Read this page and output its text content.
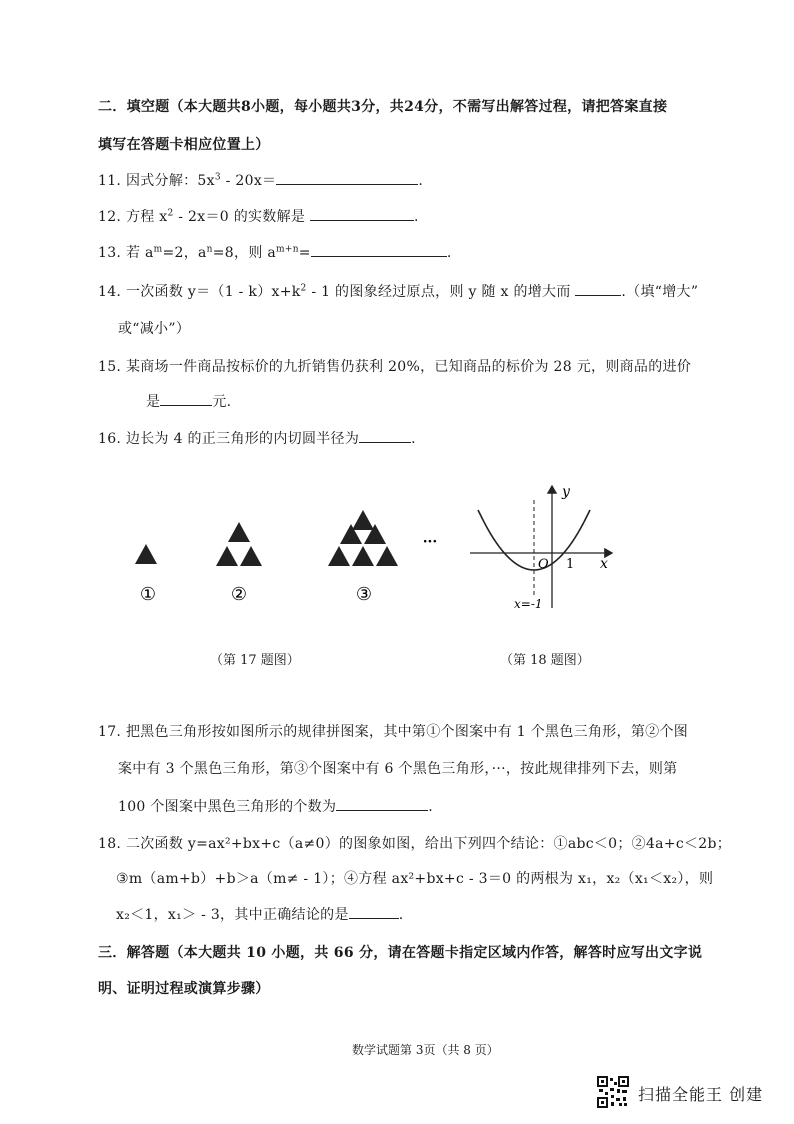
二．填空题（本大题共8小题，每小题共3分，共24分，不需写出解答过程，请把答案直接
填写在答题卡相应位置上）
11. 因式分解：$5x^3 - 20x=$	.
12. 方程 $x^2 - 2x=0$ 的实数解是	.
13. 若 $a^m=2$，$a^n=8$，则 $a^{m+n}=$	.
14. 一次函数 $y=(1 - k)x+k^2 - 1$ 的图象经过原点，则 y 随 x 的增大而	.（填“增大”
或“减小”）
15. 某商场一件商品按标价的九折销售仍获利 20%，已知商品的标价为 28 元，则商品的进价
是	元.
16. 边长为 4 的正三角形的内切圆半径为	.
①	②	③
···
（第 17 题图）
y
x
O 1
x=-1
（第 18 题图）
17. 把黑色三角形按如图所示的规律拼图案，其中第①个图案中有 1 个黑色三角形，第②个图
案中有 3 个黑色三角形，第③个图案中有 6 个黑色三角形，···，按此规律排列下去，则第
100 个图案中黑色三角形的个数为	.
18. 二次函数 y=ax²+bx+c（a≠0）的图象如图，给出下列四个结论：①abc＜0；②4a+c＜2b；
③m（am+b）+b＞a（m≠ - 1）；④方程 ax²+bx+c - 3＝0 的两根为 x₁，x₂（x₁＜x₂），则
x₂＜1，x₁＞ - 3，其中正确结论的是	.
三．解答题（本大题共 10 小题，共 66 分，请在答题卡指定区域内作答，解答时应写出文字说
明、证明过程或演算步骤）
数学试题第 3页（共 8 页）
扫描全能王 创建
